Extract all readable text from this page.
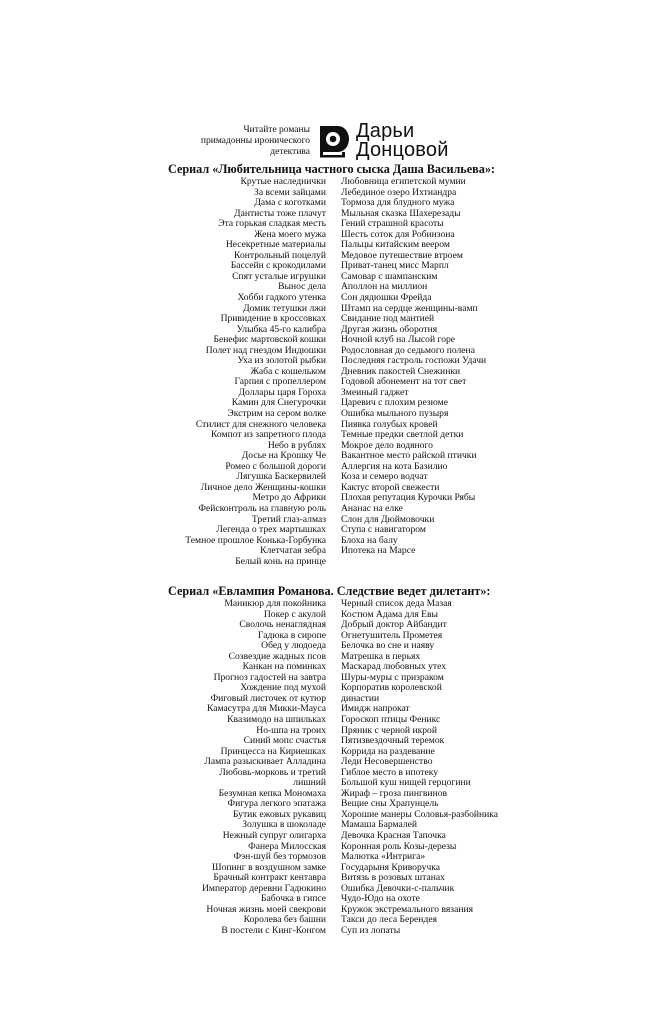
Читайте романы
примадонны иронического
детектива
Дарьи
Донцовой
Сериал «Любительница частного сыска Даша Васильева»:
Крутые наследнички
За всеми зайцами
Дама с коготками
Дантисты тоже плачут
Эта горькая сладкая месть
Жена моего мужа
Несекретные материалы
Контрольный поцелуй
Бассейн с крокодилами
Спят усталые игрушки
Вынос дела
Хобби гадкого утенка
Домик тетушки лжи
Привидение в кроссовках
Улыбка 45-го калибра
Бенефис мартовской кошки
Полет над гнездом Индюшки
Уха из золотой рыбки
Жаба с кошельком
Гарпия с пропеллером
Доллары царя Гороха
Камин для Снегурочки
Экстрим на сером волке
Стилист для снежного человека
Компот из запретного плода
Небо в рублях
Досье на Крошку Че
Ромео с большой дороги
Лягушка Баскервилей
Личное дело Женщины-кошки
Метро до Африки
Фейсконтроль на главную роль
Третий глаз-алмаз
Легенда о трех мартышках
Темное прошлое Конька-Горбунка
Клетчатая зебра
Белый конь на принце
Любовница египетской мумии
Лебединое озеро Ихтиандра
Тормоза для блудного мужа
Мыльная сказка Шахерезады
Гений страшной красоты
Шесть соток для Робинзона
Пальцы китайским веером
Медовое путешествие втроем
Приват-танец мисс Марпл
Самовар с шампанским
Аполлон на миллион
Сон дядюшки Фрейда
Штамп на сердце женщины-вамп
Свидание под мантией
Другая жизнь оборотня
Ночной клуб на Лысой горе
Родословная до седьмого полена
Последняя гастроль госпожи Удачи
Дневник пакостей Снежинки
Годовой абонемент на тот свет
Змеиный гаджет
Царевич с плохим резюме
Ошибка мыльного пузыря
Пиявка голубых кровей
Темные предки светлой детки
Мокрое дело водяного
Вакантное место райской птички
Аллергия на кота Базилио
Коза и семеро водчат
Кактус второй свежести
Плохая репутация Курочки Рябы
Ананас на елке
Слон для Дюймовочки
Ступа с навигатором
Блоха на балу
Ипотека на Марсе
Сериал «Евлампия Романова. Следствие ведет дилетант»:
Маникюр для покойника
Покер с акулой
Сволочь ненаглядная
Гадюка в сиропе
Обед у людоеда
Созвездие жадных псов
Канкан на поминках
Прогноз гадостей на завтра
Хождение под мухой
Фиговый листочек от кутюр
Камасутра для Микки-Мауса
Квазимодо на шпильках
Но-шпа на троих
Синий мопс счастья
Принцесса на Кириешках
Лампа разыскивает Алладина
Любовь-морковь и третий
лишний
Безумная кепка Мономаха
Фигура легкого эпатажа
Бутик ежовых рукавиц
Золушка в шоколаде
Нежный супруг олигарха
Фанера Милосская
Фэн-шуй без тормозов
Шопинг в воздушном замке
Брачный контракт кентавра
Император деревни Гадюкино
Бабочка в гипсе
Ночная жизнь моей свекрови
Королева без башни
В постели с Кинг-Конгом
Черный список деда Мазая
Костюм Адама для Евы
Добрый доктор Айбандит
Огнетушитель Прометея
Белочка во сне и наяву
Матрешка в перьях
Маскарад любовных утех
Шуры-муры с призраком
Корпоратив королевской
династии
Имидж напрокат
Гороскоп птицы Феникс
Пряник с черной икрой
Пятизвездочный теремок
Коррида на раздевание
Леди Несовершенство
Гиблое место в ипотеку
Большой куш нищей герцогини
Жираф – гроза пингвинов
Вещие сны Храпунцель
Хорошие манеры Соловья-разбойника
Мамаша Бармалей
Девочка Красная Тапочка
Коронная роль Козы-дерезы
Малютка «Интрига»
Государыня Криворучка
Витязь в розовых штанах
Ошибка Девочки-с-пальчик
Чудо-Юдо на охоте
Кружок экстремального вязания
Такси до леса Берендея
Суп из лопаты
